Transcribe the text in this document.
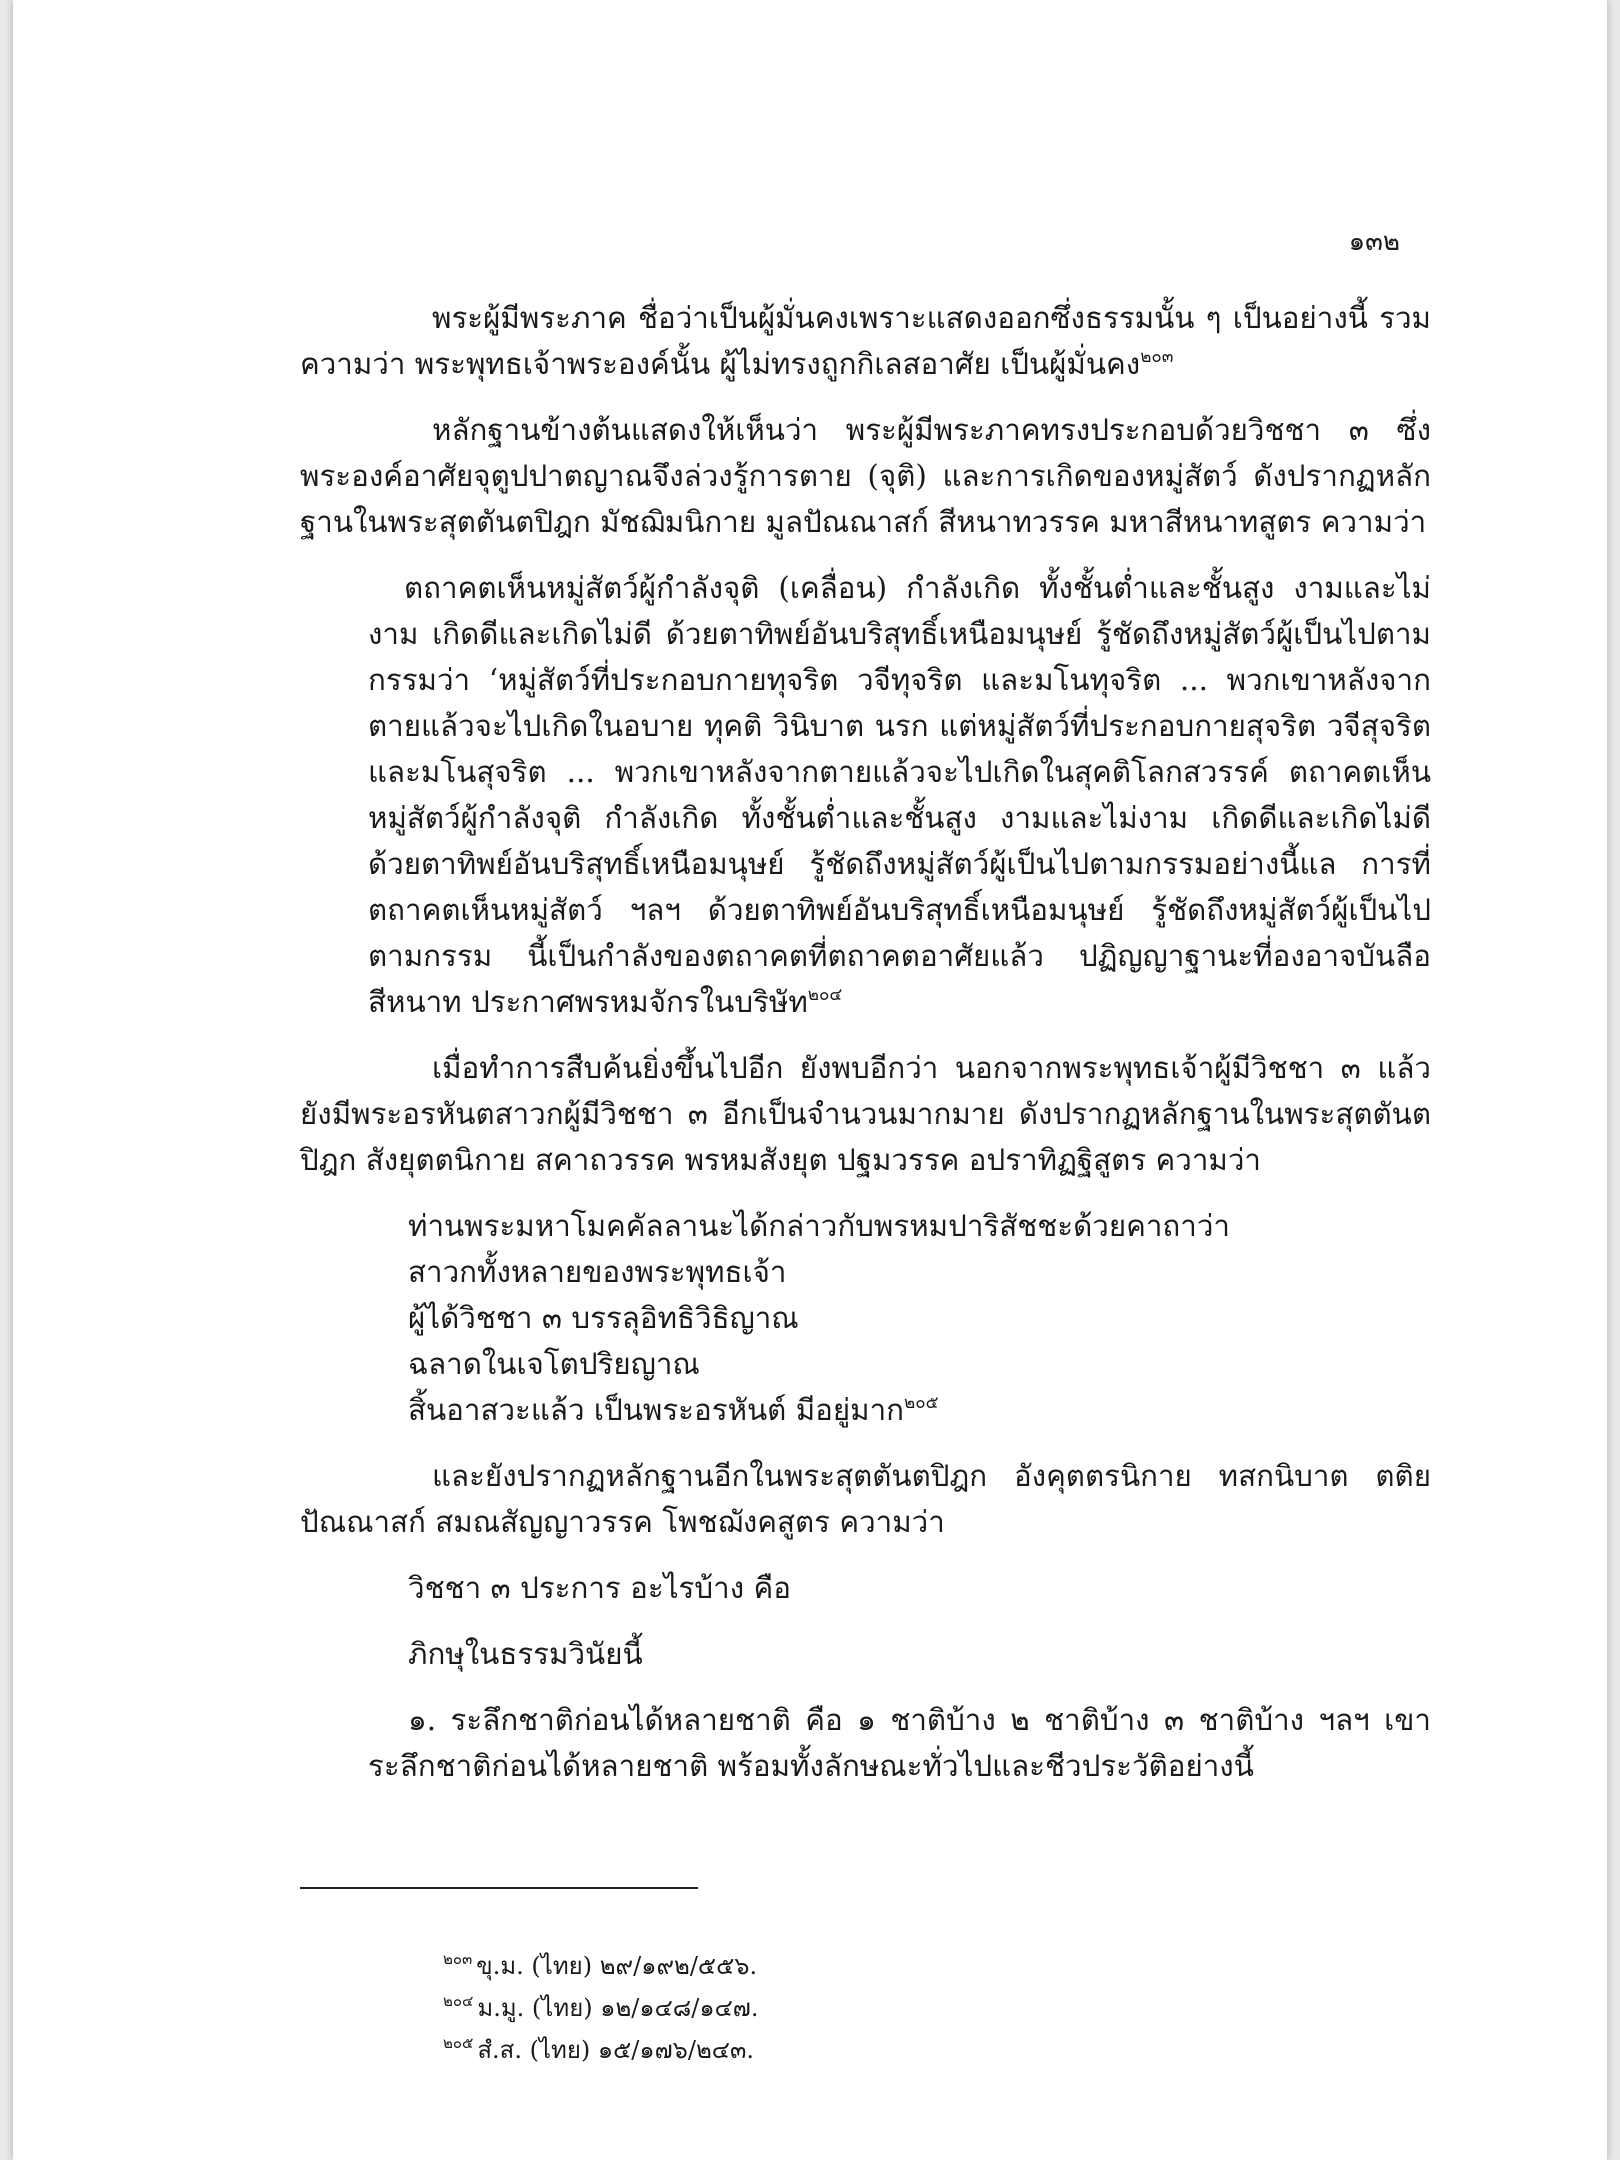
๑๓๒

พระผู้มีพระภาค ชื่อว่าเป็นผู้มั่นคงเพราะแสดงออกซึ่งธรรมนั้น ๆ เป็นอย่างนี้ รวมความว่า พระพุทธเจ้าพระองค์นั้น ผู้ไม่ทรงถูกกิเลสอาศัย เป็นผู้มั่นคง$^{๒๐๓}$

หลักฐานข้างต้นแสดงให้เห็นว่า พระผู้มีพระภาคทรงประกอบด้วยวิชชา ๓ ซึ่งพระองค์อาศัยจุตูปปาตญาณจึงล่วงรู้การตาย (จุติ) และการเกิดของหมู่สัตว์ ดังปรากฏหลักฐานในพระสุตตันตปิฎก มัชฌิมนิกาย มูลปัณณาสก์ สีหนาทวรรค มหาสีหนาทสูตร ความว่า

ตถาคตเห็นหมู่สัตว์ผู้กำลังจุติ (เคลื่อน) กำลังเกิด ทั้งชั้นต่ำและชั้นสูง งามและไม่งาม เกิดดีและเกิดไม่ดี ด้วยตาทิพย์อันบริสุทธิ์เหนือมนุษย์ รู้ชัดถึงหมู่สัตว์ผู้เป็นไปตามกรรมว่า ‘หมู่สัตว์ที่ประกอบกายทุจริต วจีทุจริต และมโนทุจริต ... พวกเขาหลังจากตายแล้วจะไปเกิดในอบาย ทุคติ วินิบาต นรก แต่หมู่สัตว์ที่ประกอบกายสุจริต วจีสุจริต และมโนสุจริต ... พวกเขาหลังจากตายแล้วจะไปเกิดในสุคติโลกสวรรค์ ตถาคตเห็นหมู่สัตว์ผู้กำลังจุติ กำลังเกิด ทั้งชั้นต่ำและชั้นสูง งามและไม่งาม เกิดดีและเกิดไม่ดี ด้วยตาทิพย์อันบริสุทธิ์เหนือมนุษย์ รู้ชัดถึงหมู่สัตว์ผู้เป็นไปตามกรรมอย่างนี้แล การที่ตถาคตเห็นหมู่สัตว์ ฯลฯ ด้วยตาทิพย์อันบริสุทธิ์เหนือมนุษย์ รู้ชัดถึงหมู่สัตว์ผู้เป็นไปตามกรรม นี้เป็นกำลังของตถาคตที่ตถาคตอาศัยแล้ว ปฏิญญาฐานะที่องอาจบันลือสีหนาท ประกาศพรหมจักรในบริษัท$^{๒๐๔}$

เมื่อทำการสืบค้นยิ่งขึ้นไปอีก ยังพบอีกว่า นอกจากพระพุทธเจ้าผู้มีวิชชา ๓ แล้ว ยังมีพระอรหันตสาวกผู้มีวิชชา ๓ อีกเป็นจำนวนมากมาย ดังปรากฏหลักฐานในพระสุตตันตปิฎก สังยุตตนิกาย สคาถวรรค พรหมสังยุต ปฐมวรรค อปราทิฏฐิสูตร ความว่า

ท่านพระมหาโมคคัลลานะได้กล่าวกับพรหมปาริสัชชะด้วยคาถาว่า
สาวกทั้งหลายของพระพุทธเจ้า
ผู้ได้วิชชา ๓ บรรลุอิทธิวิธิญาณ
ฉลาดในเจโตปริยญาณ
สิ้นอาสวะแล้ว เป็นพระอรหันต์ มีอยู่มาก$^{๒๐๕}$

และยังปรากฏหลักฐานอีกในพระสุตตันตปิฎก อังคุตตรนิกาย ทสกนิบาต ตติยปัณณาสก์ สมณสัญญาวรรค โพชฌังคสูตร ความว่า

วิชชา ๓ ประการ อะไรบ้าง คือ

ภิกษุในธรรมวินัยนี้

๑. ระลึกชาติก่อนได้หลายชาติ คือ ๑ ชาติบ้าง ๒ ชาติบ้าง ๓ ชาติบ้าง ฯลฯ เขาระลึกชาติก่อนได้หลายชาติ พร้อมทั้งลักษณะทั่วไปและชีวประวัติอย่างนี้

$^{๒๐๓}$ ขุ.ม. (ไทย) ๒๙/๑๙๒/๕๕๖.
$^{๒๐๔}$ ม.มู. (ไทย) ๑๒/๑๔๘/๑๔๗.
$^{๒๐๕}$ สํ.ส. (ไทย) ๑๕/๑๗๖/๒๔๓.
